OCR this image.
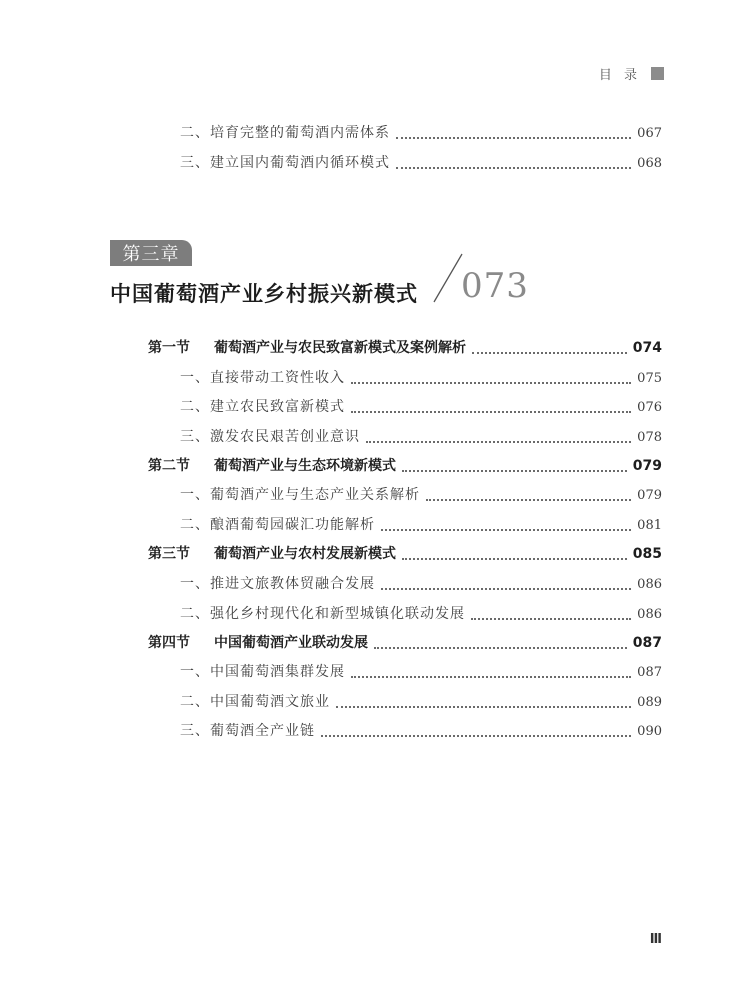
目 录
二、培育完整的葡萄酒内需体系	067
三、建立国内葡萄酒内循环模式	068
第三章
中国葡萄酒产业乡村振兴新模式 073
第一节 葡萄酒产业与农民致富新模式及案例解析	074
一、直接带动工资性收入	075
二、建立农民致富新模式	076
三、激发农民艰苦创业意识	078
第二节 葡萄酒产业与生态环境新模式	079
一、葡萄酒产业与生态产业关系解析	079
二、酿酒葡萄园碳汇功能解析	081
第三节 葡萄酒产业与农村发展新模式	085
一、推进文旅教体贸融合发展	086
二、强化乡村现代化和新型城镇化联动发展	086
第四节 中国葡萄酒产业联动发展	087
一、中国葡萄酒集群发展	087
二、中国葡萄酒文旅业	089
三、葡萄酒全产业链	090
Ⅲ
